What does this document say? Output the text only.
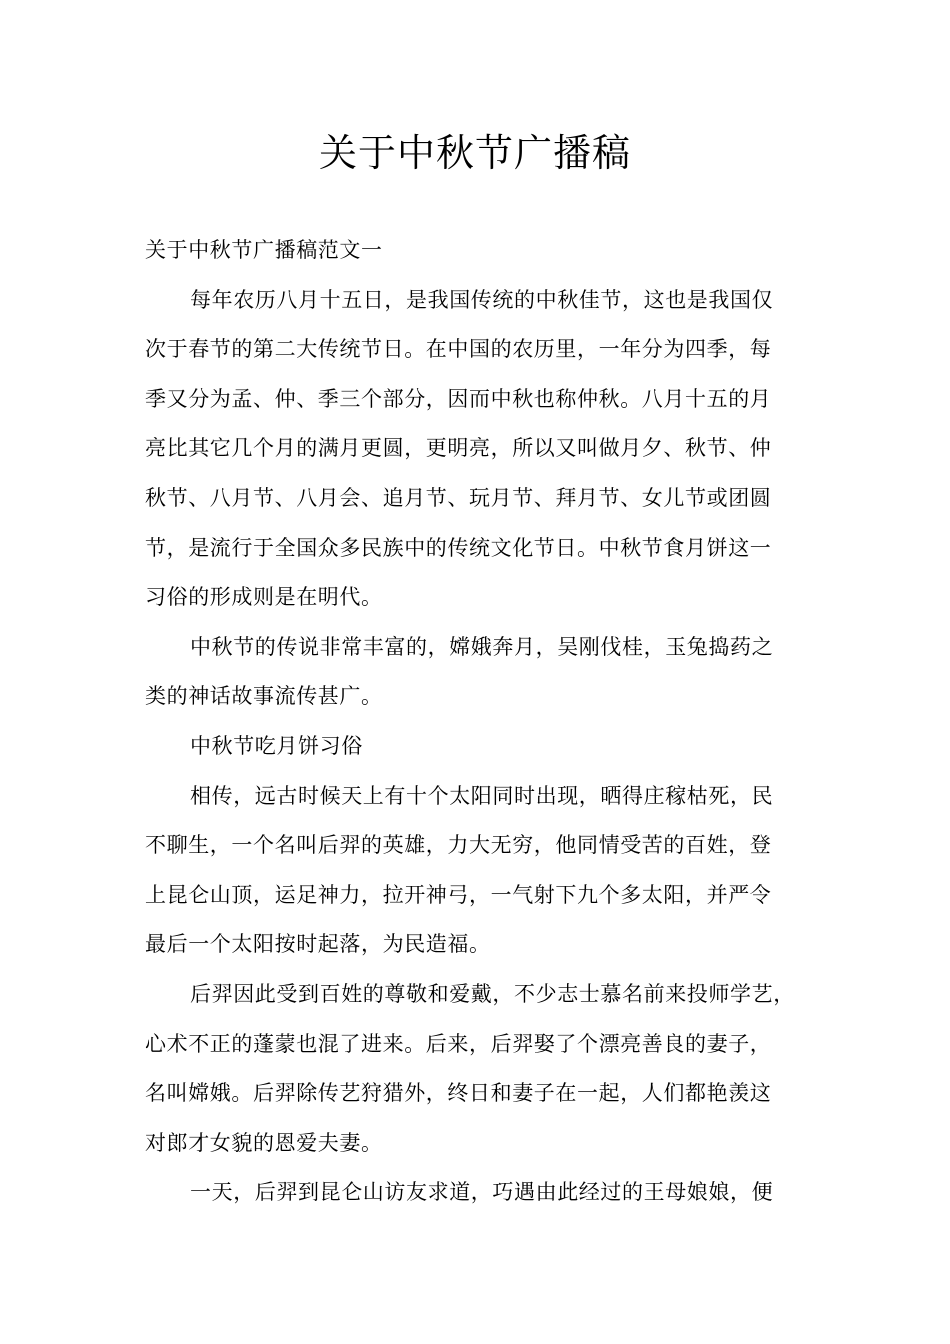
关于中秋节广播稿
关于中秋节广播稿范文一
每年农历八月十五日，是我国传统的中秋佳节，这也是我国仅
次于春节的第二大传统节日。在中国的农历里，一年分为四季，每
季又分为孟、仲、季三个部分，因而中秋也称仲秋。八月十五的月
亮比其它几个月的满月更圆，更明亮，所以又叫做月夕、秋节、仲
秋节、八月节、八月会、追月节、玩月节、拜月节、女儿节或团圆
节，是流行于全国众多民族中的传统文化节日。中秋节食月饼这一
习俗的形成则是在明代。
中秋节的传说非常丰富的，嫦娥奔月，吴刚伐桂，玉兔捣药之
类的神话故事流传甚广。
中秋节吃月饼习俗
相传，远古时候天上有十个太阳同时出现，晒得庄稼枯死，民
不聊生，一个名叫后羿的英雄，力大无穷，他同情受苦的百姓，登
上昆仑山顶，运足神力，拉开神弓，一气射下九个多太阳，并严令
最后一个太阳按时起落，为民造福。
后羿因此受到百姓的尊敬和爱戴，不少志士慕名前来投师学艺，
心术不正的蓬蒙也混了进来。后来，后羿娶了个漂亮善良的妻子，
名叫嫦娥。后羿除传艺狩猎外，终日和妻子在一起，人们都艳羡这
对郎才女貌的恩爱夫妻。
一天，后羿到昆仑山访友求道，巧遇由此经过的王母娘娘，便
